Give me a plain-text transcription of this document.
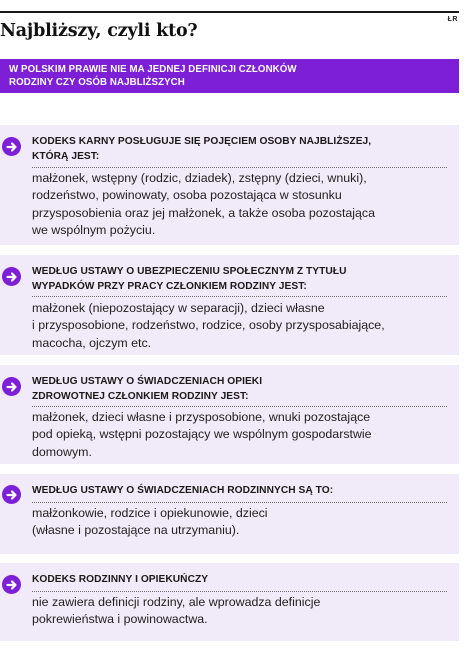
ŁR
Najbliższy, czyli kto?
W POLSKIM PRAWIE NIE MA JEDNEJ DEFINICJI CZŁONKÓW
RODZINY CZY OSÓB NAJBLIŻSZYCH
KODEKS KARNY POSŁUGUJE SIĘ POJĘCIEM OSOBY NAJBLIŻSZEJ,
KTÓRĄ JEST:
małżonek, wstępny (rodzic, dziadek), zstępny (dzieci, wnuki),
rodzeństwo, powinowaty, osoba pozostająca w stosunku
przysposobienia oraz jej małżonek, a także osoba pozostająca
we wspólnym pożyciu.
WEDŁUG USTAWY O UBEZPIECZENIU SPOŁECZNYM Z TYTUŁU
WYPADKÓW PRZY PRACY CZŁONKIEM RODZINY JEST:
małżonek (niepozostający w separacji), dzieci własne
i przysposobione, rodzeństwo, rodzice, osoby przysposabiające,
macocha, ojczym etc.
WEDŁUG USTAWY O ŚWIADCZENIACH OPIEKI
ZDROWOTNEJ CZŁONKIEM RODZINY JEST:
małżonek, dzieci własne i przysposobione, wnuki pozostające
pod opieką, wstępni pozostający we wspólnym gospodarstwie
domowym.
WEDŁUG USTAWY O ŚWIADCZENIACH RODZINNYCH SĄ TO:
małżonkowie, rodzice i opiekunowie, dzieci
(własne i pozostające na utrzymaniu).
KODEKS RODZINNY I OPIEKUŃCZY
nie zawiera definicji rodziny, ale wprowadza definicje
pokrewieństwa i powinowactwa.
